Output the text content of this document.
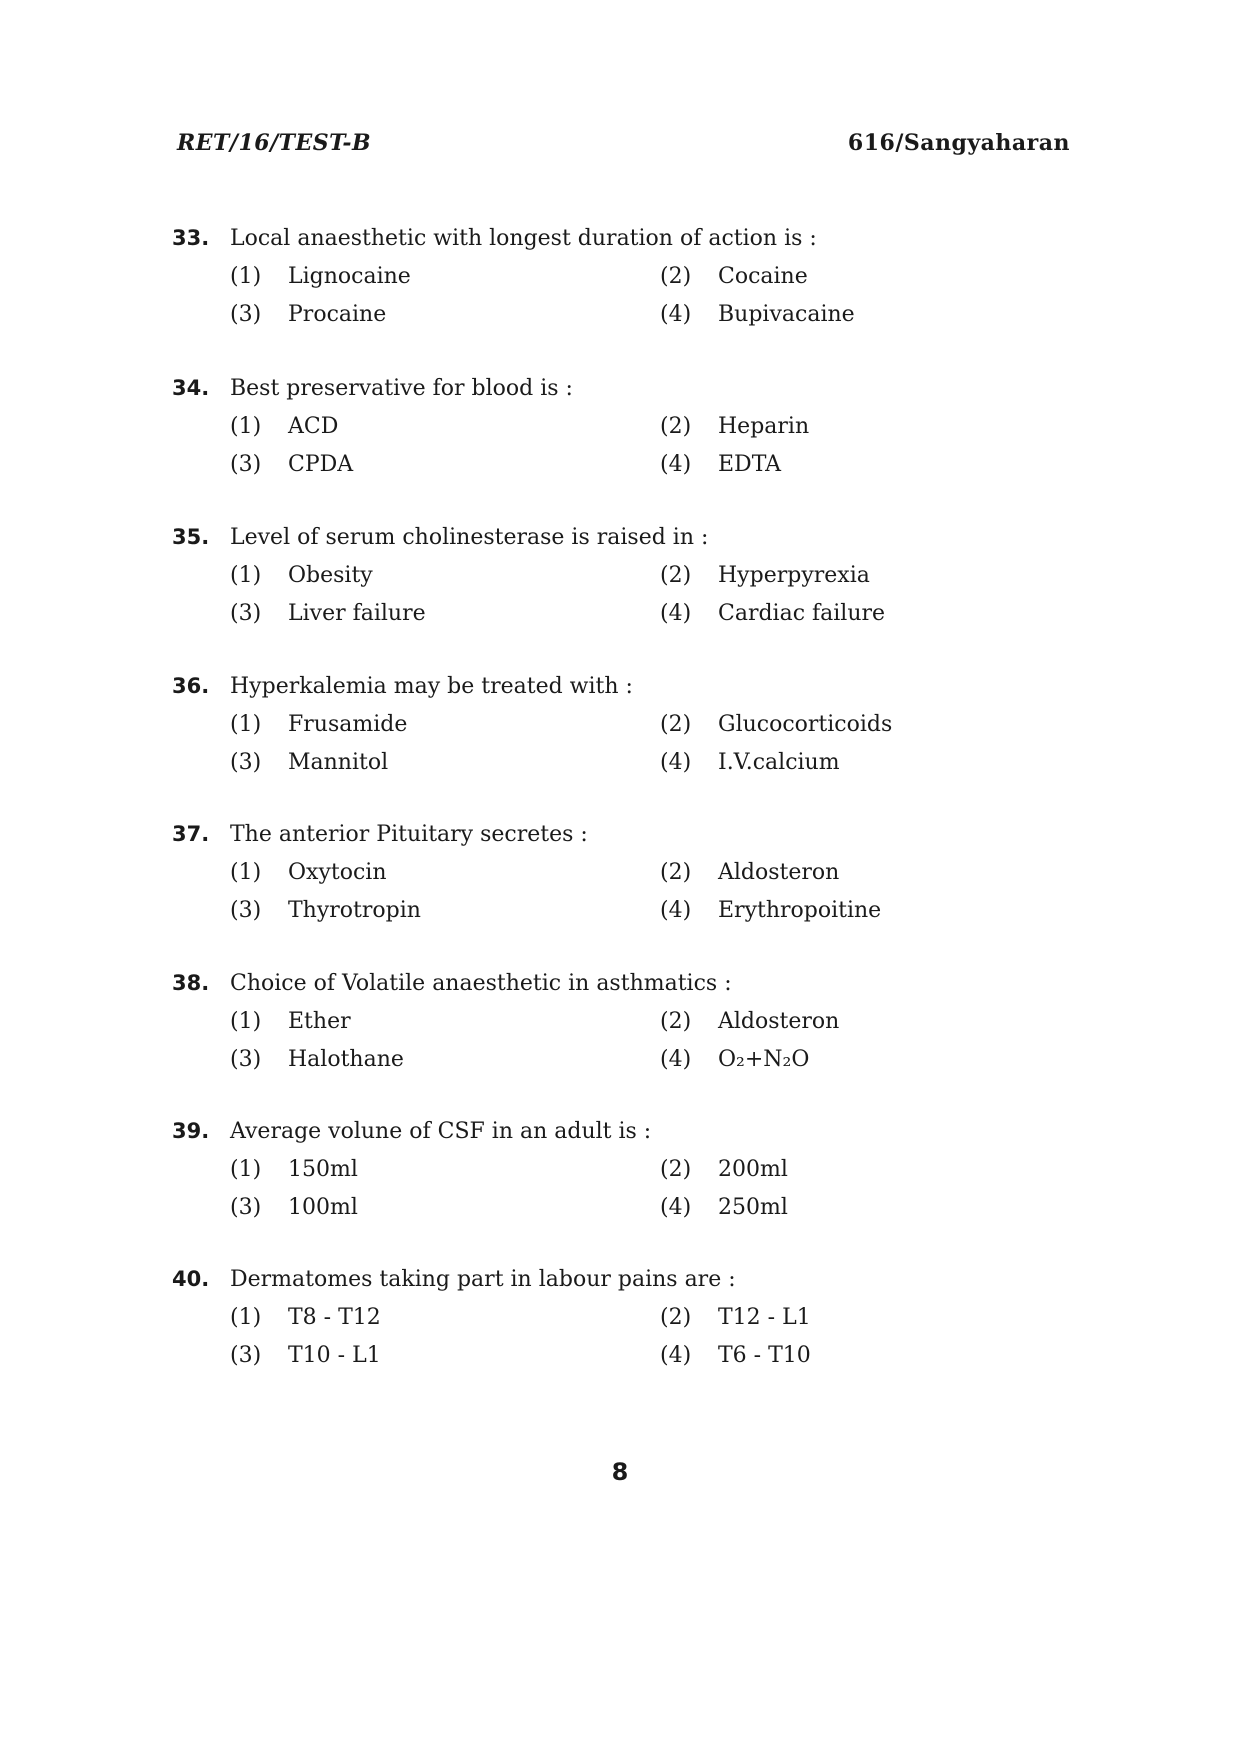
RET/16/TEST-B	616/Sangyaharan
33. Local anaesthetic with longest duration of action is :
(1) Lignocaine	(2) Cocaine
(3) Procaine	(4) Bupivacaine
34. Best preservative for blood is :
(1) ACD	(2) Heparin
(3) CPDA	(4) EDTA
35. Level of serum cholinesterase is raised in :
(1) Obesity	(2) Hyperpyrexia
(3) Liver failure	(4) Cardiac failure
36. Hyperkalemia may be treated with :
(1) Frusamide	(2) Glucocorticoids
(3) Mannitol	(4) I.V.calcium
37. The anterior Pituitary secretes :
(1) Oxytocin	(2) Aldosteron
(3) Thyrotropin	(4) Erythropoitine
38. Choice of Volatile anaesthetic in asthmatics :
(1) Ether	(2) Aldosteron
(3) Halothane	(4) O₂+N₂O
39. Average volune of CSF in an adult is :
(1) 150ml	(2) 200ml
(3) 100ml	(4) 250ml
40. Dermatomes taking part in labour pains are :
(1) T8 - T12	(2) T12 - L1
(3) T10 - L1	(4) T6 - T10
8
